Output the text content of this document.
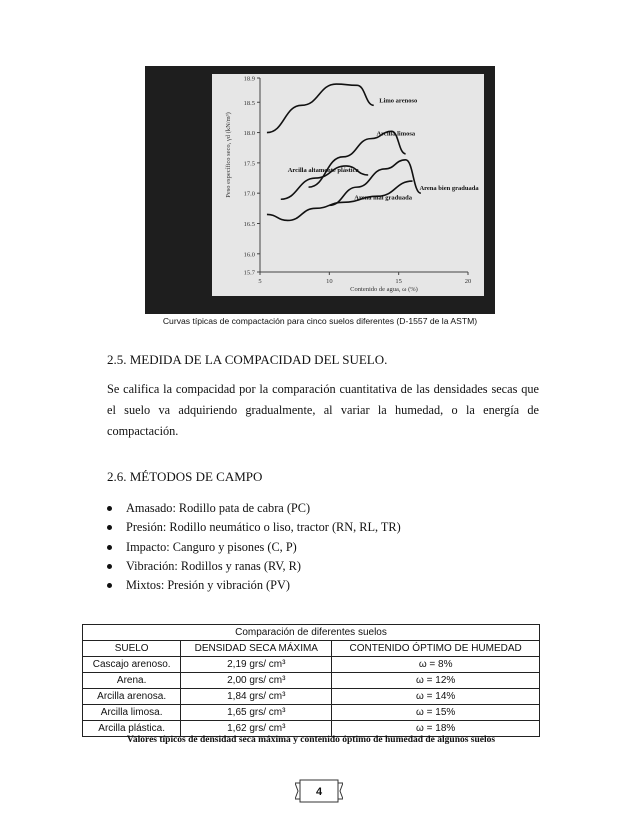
18.9
18.5
18.0
17.5
17.0
16.5
16.0
15.7
5	10	15	20
Contenido de agua, ω (%)
Peso específico seco, γd (kN/m³)
Limo arenoso
Arcilla limosa
Arcilla altamente plástica
Arena bien graduada
Arena mal graduada
Curvas típicas de compactación para cinco suelos diferentes (D-1557 de la ASTM)
2.5. MEDIDA DE LA COMPACIDAD DEL SUELO.
Se califica la compacidad por la comparación cuantitativa de las densidades secas que
el suelo va adquiriendo gradualmente, al variar la humedad, o la energía de
compactación.
2.6. MÉTODOS DE CAMPO
Amasado: Rodillo pata de cabra (PC)
Presión: Rodillo neumático o liso, tractor (RN, RL, TR)
Impacto: Canguro y pisones (C, P)
Vibración: Rodillos y ranas (RV, R)
Mixtos: Presión y vibración (PV)
Comparación de diferentes suelos		
SUELO	DENSIDAD SECA MÁXIMA	CONTENIDO ÓPTIMO DE HUMEDAD
Cascajo arenoso.	2,19 grs/ cm³	ω = 8%
Arena.	2,00 grs/ cm³	ω = 12%
Arcilla arenosa.	1,84 grs/ cm³	ω = 14%
Arcilla limosa.	1,65 grs/ cm³	ω = 15%
Arcilla plástica.	1,62 grs/ cm³	ω = 18%
Valores típicos de densidad seca máxima y contenido óptimo de humedad de algunos suelos
4
